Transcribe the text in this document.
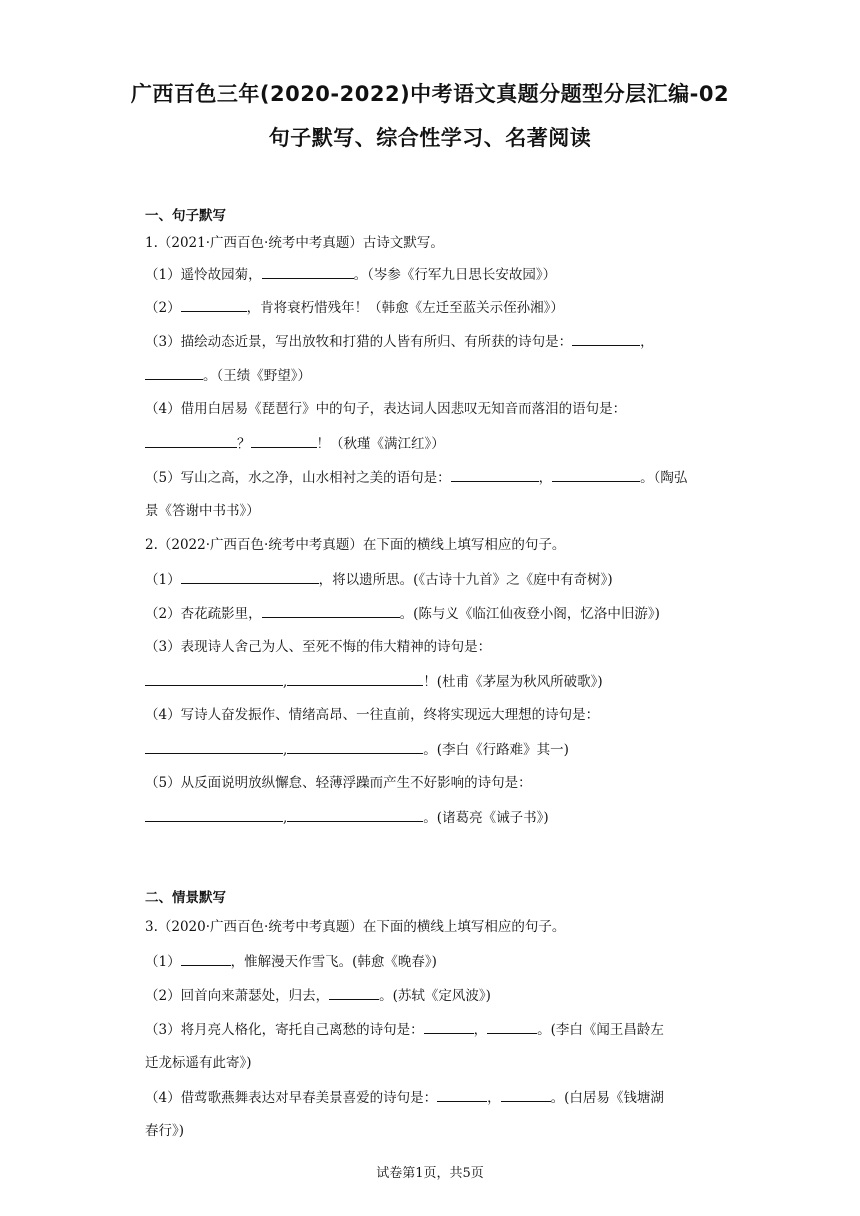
广西百色三年(2020-2022)中考语文真题分题型分层汇编-02
句子默写、综合性学习、名著阅读
一、句子默写
1.（2021·广西百色·统考中考真题）古诗文默写。
（1）遥怜故园菊，	。（岑参《行军九日思长安故园》）
（2）	，肯将衰朽惜残年！（韩愈《左迁至蓝关示侄孙湘》）
（3）描绘动态近景，写出放牧和打猎的人皆有所归、有所获的诗句是：	，
。（王绩《野望》）
（4）借用白居易《琵琶行》中的句子，表达词人因悲叹无知音而落泪的语句是：
？	！（秋瑾《满江红》）
（5）写山之高，水之净，山水相衬之美的语句是：	，	。（陶弘
景《答谢中书书》）
2.（2022·广西百色·统考中考真题）在下面的横线上填写相应的句子。
（1）	，将以遗所思。(《古诗十九首》之《庭中有奇树》)
（2）杏花疏影里，	。(陈与义《临江仙夜登小阁，忆洛中旧游》)
（3）表现诗人舍己为人、至死不悔的伟大精神的诗句是：
,	！(杜甫《茅屋为秋风所破歌》)
（4）写诗人奋发振作、情绪高昂、一往直前，终将实现远大理想的诗句是：
,	。(李白《行路难》其一)
（5）从反面说明放纵懈怠、轻薄浮躁而产生不好影响的诗句是：
,	。(诸葛亮《诫子书》)
二、情景默写
3.（2020·广西百色·统考中考真题）在下面的横线上填写相应的句子。
（1）	，惟解漫天作雪飞。(韩愈《晚春》)
（2）回首向来萧瑟处，归去，	。(苏轼《定风波》)
（3）将月亮人格化，寄托自己离愁的诗句是：	，	。(李白《闻王昌龄左
迁龙标遥有此寄》)
（4）借莺歌燕舞表达对早春美景喜爱的诗句是：	，	。(白居易《钱塘湖
春行》)
试卷第1页，共5页
